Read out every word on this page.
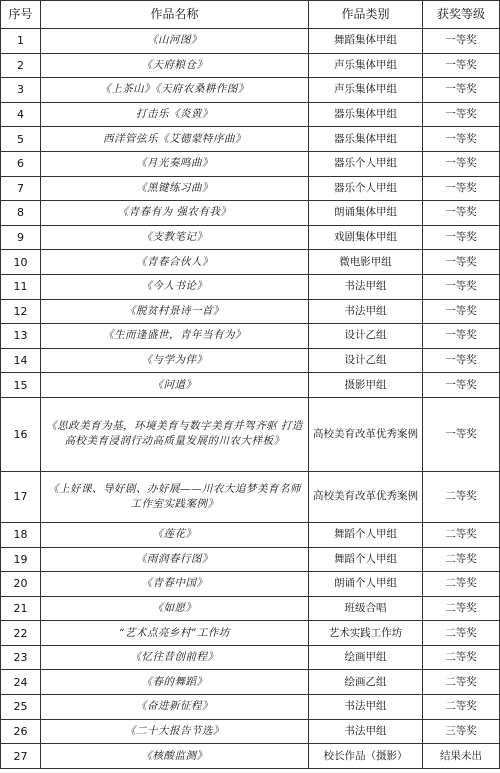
序号	作品名称	作品类别	获奖等级
1	《山河图》	舞蹈集体甲组	一等奖
2	《天府粮仓》	声乐集体甲组	一等奖
3	《上茶山》《天府农桑耕作图》	声乐集体甲组	一等奖
4	打击乐《炎黄》	器乐集体甲组	一等奖
5	西洋管弦乐《艾德蒙特序曲》	器乐集体甲组	一等奖
6	《月光奏鸣曲》	器乐个人甲组	一等奖
7	《黑键练习曲》	器乐个人甲组	一等奖
8	《青春有为 强农有我》	朗诵集体甲组	一等奖
9	《支教笔记》	戏剧集体甲组	一等奖
10	《青春合伙人》	微电影甲组	一等奖
11	《今人书论》	书法甲组	一等奖
12	《脱贫村景诗一首》	书法甲组	一等奖
13	《生而逢盛世，青年当有为》	设计乙组	一等奖
14	《与学为伴》	设计乙组	一等奖
15	《问道》	摄影甲组	一等奖
16	《思政美育为基，环境美育与数字美育并驾齐驱 打造高校美育浸润行动高质量发展的川农大样板》	高校美育改革优秀案例	一等奖
17	《上好课、导好剧、办好展——川农大追梦美育名师工作室实践案例》	高校美育改革优秀案例	二等奖
18	《莲花》	舞蹈个人甲组	二等奖
19	《雨润春行图》	舞蹈个人甲组	二等奖
20	《青春中国》	朗诵个人甲组	二等奖
21	《如愿》	班级合唱	二等奖
22	“艺术点亮乡村”工作坊	艺术实践工作坊	二等奖
23	《忆往昔创前程》	绘画甲组	二等奖
24	《春的舞蹈》	绘画乙组	二等奖
25	《奋进新征程》	书法甲组	二等奖
26	《二十大报告节选》	书法甲组	三等奖
27	《核酸监测》	校长作品（摄影）	结果未出
